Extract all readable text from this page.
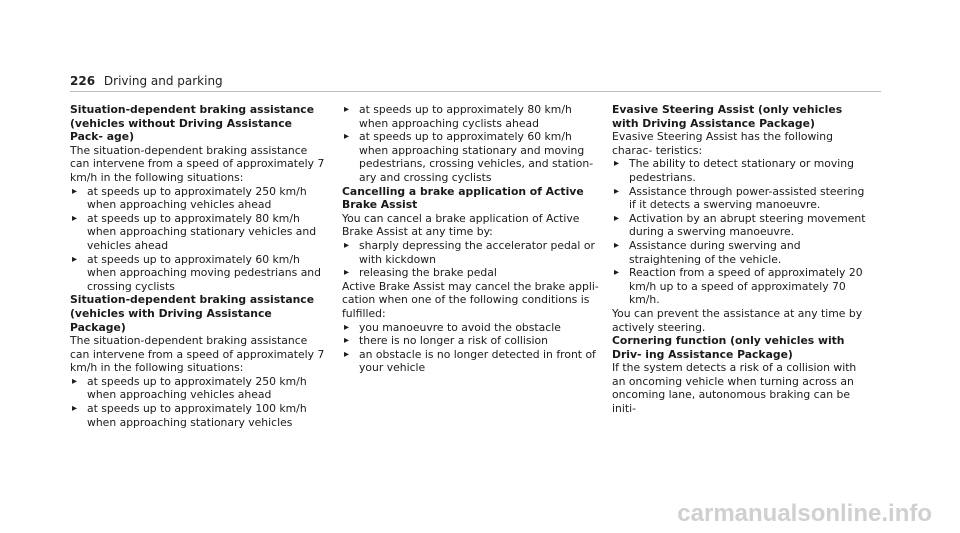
226 Driving and parking
Situation-dependent braking assistance (vehicles without Driving Assistance Pack- age)

The situation-dependent braking assistance can intervene from a speed of approximately 7 km/h in the following situations:

▸ at speeds up to approximately 250 km/h when approaching vehicles ahead
▸ at speeds up to approximately 80 km/h when approaching stationary vehicles and vehicles ahead
▸ at speeds up to approximately 60 km/h when approaching moving pedestrians and crossing cyclists
Situation-dependent braking assistance (vehicles with Driving Assistance Package)

The situation-dependent braking assistance can intervene from a speed of approximately 7 km/h in the following situations:

▸ at speeds up to approximately 250 km/h when approaching vehicles ahead
▸ at speeds up to approximately 100 km/h when approaching stationary vehicles
▸ at speeds up to approximately 80 km/h when approaching cyclists ahead
▸ at speeds up to approximately 60 km/h when approaching stationary and moving pedestrians, crossing vehicles, and station- ary and crossing cyclists
Cancelling a brake application of Active Brake Assist

You can cancel a brake application of Active Brake Assist at any time by:

▸ sharply depressing the accelerator pedal or with kickdown
▸ releasing the brake pedal

Active Brake Assist may cancel the brake appli- cation when one of the following conditions is fulfilled:

▸ you manoeuvre to avoid the obstacle
▸ there is no longer a risk of collision
▸ an obstacle is no longer detected in front of your vehicle
Evasive Steering Assist (only vehicles with Driving Assistance Package)

Evasive Steering Assist has the following charac- teristics:

▸ The ability to detect stationary or moving pedestrians.
▸ Assistance through power-assisted steering if it detects a swerving manoeuvre.
▸ Activation by an abrupt steering movement during a swerving manoeuvre.
▸ Assistance during swerving and straightening of the vehicle.
▸ Reaction from a speed of approximately 20 km/h up to a speed of approximately 70 km/h.

You can prevent the assistance at any time by actively steering.

Cornering function (only vehicles with Driv- ing Assistance Package)

If the system detects a risk of a collision with an oncoming vehicle when turning across an oncoming lane, autonomous braking can be initi-

carmanualsonline.info
